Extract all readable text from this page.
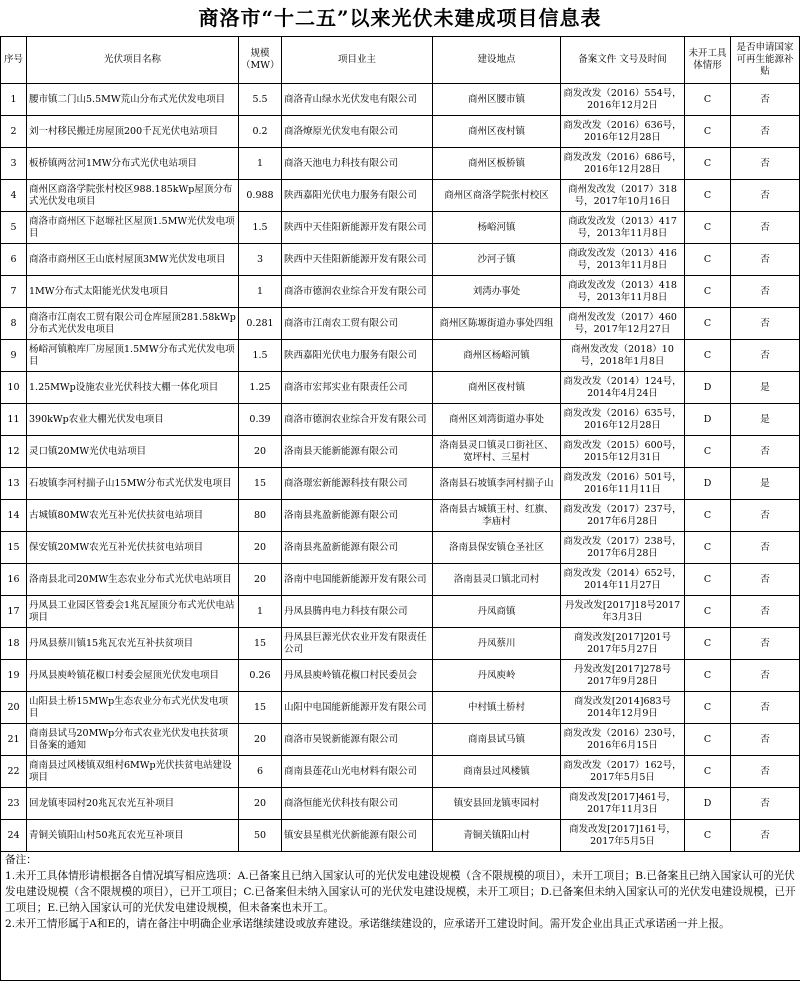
商洛市“十二五”以来光伏未建成项目信息表
序号	光伏项目名称	规模（MW）	项目业主	建设地点	备案文件 文号及时间	未开工具体情形	是否申请国家可再生能源补贴
1	腰市镇二门山5.5MW荒山分布式光伏发电项目	5.5	商洛青山绿水光伏发电有限公司	商州区腰市镇	商发改发（2016）554号，2016年12月2日	C	否
2	刘一村移民搬迁房屋顶200千瓦光伏电站项目	0.2	商洛燎原光伏发电有限公司	商州区夜村镇	商发改发（2016）636号，2016年12月28日	C	否
3	板桥镇两岔河1MW分布式光伏电站项目	1	商洛天池电力科技有限公司	商州区板桥镇	商发改发（2016）686号，2016年12月28日	C	否
4	商州区商洛学院张村校区988.185kWp屋顶分布式光伏发电项目	0.988	陕西嘉阳光伏电力服务有限公司	商州区商洛学院张村校区	商州发改发（2017）318号，2017年10月16日	C	否
5	商洛市商州区下赵塬社区屋顶1.5MW光伏发电项目	1.5	陕西中天佳阳新能源开发有限公司	杨峪河镇	商政发改发（2013）417号，2013年11月8日	C	否
6	商洛市商州区王山底村屋顶3MW光伏发电项目	3	陕西中天佳阳新能源开发有限公司	沙河子镇	商政发改发（2013）416号，2013年11月8日	C	否
7	1MW分布式太阳能光伏发电项目	1	商洛市德润农业综合开发有限公司	刘湾办事处	商政发改发（2013）418号，2013年11月8日	C	否
8	商洛市江南农工贸有限公司仓库屋顶281.58kWp分布式光伏发电项目	0.281	商洛市江南农工贸有限公司	商州区陈塬街道办事处四组	商州发改发（2017）460号，2017年12月27日	C	否
9	杨峪河镇粮库厂房屋顶1.5MW分布式光伏发电项目	1.5	陕西嘉阳光伏电力服务有限公司	商州区杨峪河镇	商州发改发（2018）10号，2018年1月8日	C	否
10	1.25MWp设施农业光伏科技大棚一体化项目	1.25	商洛市宏邦实业有限责任公司	商州区夜村镇	商发改发（2014）124号，2014年4月24日	D	是
11	390kWp农业大棚光伏发电项目	0.39	商洛市德润农业综合开发有限公司	商州区刘湾街道办事处	商发改发（2016）635号，2016年12月28日	D	是
12	灵口镇20MW光伏电站项目	20	洛南县天能新能源有限公司	洛南县灵口镇灵口街社区、宽坪村、三星村	商发改发（2015）600号，2015年12月31日	C	否
13	石坡镇李河村揣子山15MW分布式光伏发电项目	15	商洛璟宏新能源科技有限公司	洛南县石坡镇李河村揣子山	商发改发（2016）501号，2016年11月11日	D	是
14	古城镇80MW农光互补光伏扶贫电站项目	80	洛南县兆盈新能源有限公司	洛南县古城镇王村、红旗、李庙村	商发改发（2017）237号，2017年6月28日	C	否
15	保安镇20MW农光互补光伏扶贫电站项目	20	洛南县兆盈新能源有限公司	洛南县保安镇仓圣社区	商发改发（2017）238号，2017年6月28日	C	否
16	洛南县北司20MW生态农业分布式光伏电站项目	20	洛南中电国能新能源开发有限公司	洛南县灵口镇北司村	商发改发（2014）652号，2014年11月27日	C	否
17	丹凤县工业园区管委会1兆瓦屋顶分布式光伏电站项目	1	丹凤县腾冉电力科技有限公司	丹凤商镇	丹发改发[2017]18号2017年3月3日	C	否
18	丹凤县蔡川镇15兆瓦农光互补扶贫项目	15	丹凤县巨源光伏农业开发有限责任公司	丹凤蔡川	商发改发[2017]201号2017年5月27日	C	否
19	丹凤县庾岭镇花椒口村委会屋顶光伏发电项目	0.26	丹凤县庾岭镇花椒口村民委员会	丹凤庾岭	丹发改发[2017]278号2017年9月28日	C	否
20	山阳县土桥15MWp生态农业分布式光伏发电项目	15	山阳中电国能新能源开发有限公司	中村镇土桥村	商发改发[2014]683号2014年12月9日	C	否
21	商南县试马20MWp分布式农业光伏发电扶贫项目备案的通知	20	商洛市昊锐新能源有限公司	商南县试马镇	商发改发（2016）230号，2016年6月15日	C	否
22	商南县过风楼镇双组村6MWp光伏扶贫电站建设项目	6	商南县莲花山光电材料有限公司	商南县过风楼镇	商发改发（2017）162号，2017年5月5日	C	否
23	回龙镇枣园村20兆瓦农光互补项目	20	商洛恒能光伏科技有限公司	镇安县回龙镇枣园村	商发改发[2017]461号，2017年11月3日	D	否
24	青铜关镇阳山村50兆瓦农光互补项目	50	镇安县星棋光伏新能源有限公司	青铜关镇阳山村	商发改发[2017]161号，2017年5月5日	C	否
备注：
1.未开工具体情形请根据各自情况填写相应选项：A.已备案且已纳入国家认可的光伏发电建设规模（含不限规模的项目），未开工项目；B.已备案且已纳入国家认可的光伏发电建设规模（含不限规模的项目），已开工项目；C.已备案但未纳入国家认可的光伏发电建设规模，未开工项目；D.已备案但未纳入国家认可的光伏发电建设规模，已开工项目；E.已纳入国家认可的光伏发电建设规模，但未备案也未开工。
2.未开工情形属于A和E的，请在备注中明确企业承诺继续建设或放弃建设。承诺继续建设的，应承诺开工建设时间。需开发企业出具正式承诺函一并上报。
